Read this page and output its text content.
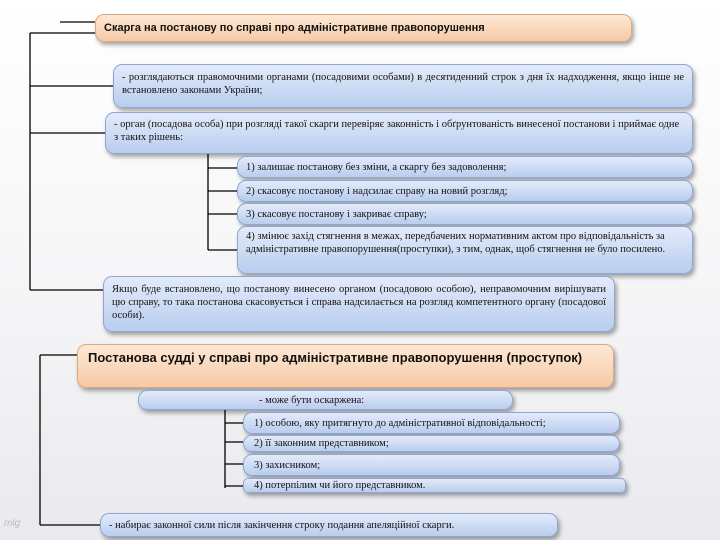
Скарга на постанову по справі про адміністративне правопорушення
- розглядаються правомочними органами (посадовими особами) в десятиденний строк з дня їх надходження, якщо інше не встановлено законами України;
- орган (посадова особа) при розгляді такої скарги перевіряє законність і обґрунтованість винесеної постанови і приймає одне з таких рішень:
1) залишає постанову без зміни, а скаргу без задоволення;
2) скасовує постанову і надсилає справу на новий розгляд;
3) скасовує постанову і закриває справу;
4) змінює захід стягнення в межах, передбачених нормативним актом про відповідальність за адміністративне правопорушення(проступки), з тим, однак, щоб стягнення не було посилено.
Якщо буде встановлено, що постанову винесено органом (посадовою особою), неправомочним вирішувати цю справу, то така постанова скасовується і справа надсилається на розгляд компетентного органу (посадової особи).
Постанова судді у справі про адміністративне правопорушення (проступок)
- може бути оскаржена:
1) особою, яку притягнуто до адміністративної відповідальності;
2) її законним представником;
3) захисником;
4) потерпілим чи його представником.
- набирає законної сили після закінчення строку подання апеляційної скарги.
mlg
